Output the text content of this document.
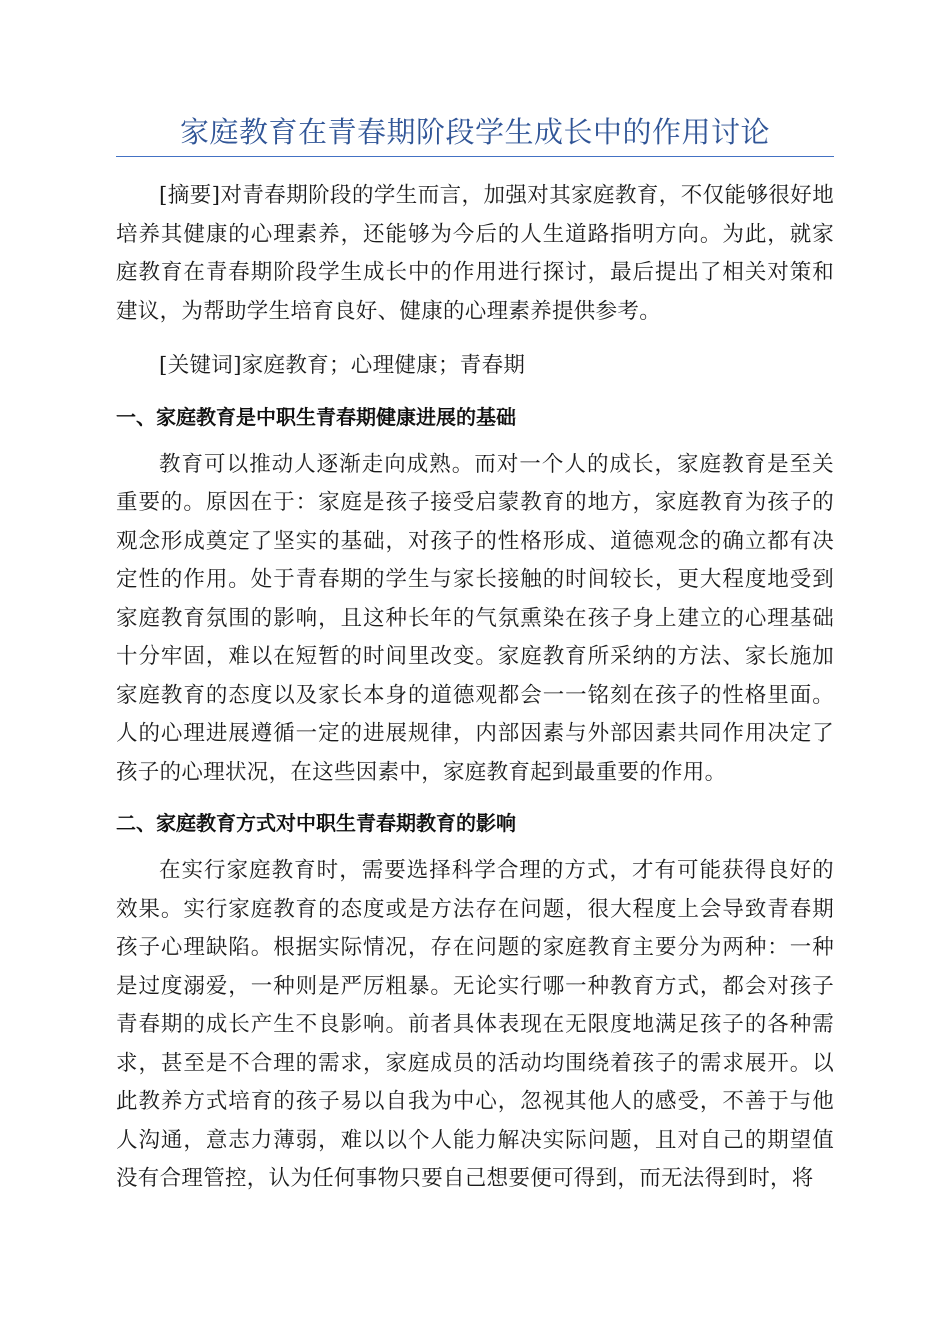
家庭教育在青春期阶段学生成长中的作用讨论

[摘要]对青春期阶段的学生而言，加强对其家庭教育，不仅能够很好地培养其健康的心理素养，还能够为今后的人生道路指明方向。为此，就家庭教育在青春期阶段学生成长中的作用进行探讨，最后提出了相关对策和建议，为帮助学生培育良好、健康的心理素养提供参考。

[关键词]家庭教育；心理健康；青春期

一、家庭教育是中职生青春期健康进展的基础

教育可以推动人逐渐走向成熟。而对一个人的成长，家庭教育是至关重要的。原因在于：家庭是孩子接受启蒙教育的地方，家庭教育为孩子的观念形成奠定了坚实的基础，对孩子的性格形成、道德观念的确立都有决定性的作用。处于青春期的学生与家长接触的时间较长，更大程度地受到家庭教育氛围的影响，且这种长年的气氛熏染在孩子身上建立的心理基础十分牢固，难以在短暂的时间里改变。家庭教育所采纳的方法、家长施加家庭教育的态度以及家长本身的道德观都会一一铭刻在孩子的性格里面。人的心理进展遵循一定的进展规律，内部因素与外部因素共同作用决定了孩子的心理状况，在这些因素中，家庭教育起到最重要的作用。

二、家庭教育方式对中职生青春期教育的影响

在实行家庭教育时，需要选择科学合理的方式，才有可能获得良好的效果。实行家庭教育的态度或是方法存在问题，很大程度上会导致青春期孩子心理缺陷。根据实际情况，存在问题的家庭教育主要分为两种：一种是过度溺爱，一种则是严厉粗暴。无论实行哪一种教育方式，都会对孩子青春期的成长产生不良影响。前者具体表现在无限度地满足孩子的各种需求，甚至是不合理的需求，家庭成员的活动均围绕着孩子的需求展开。以此教养方式培育的孩子易以自我为中心，忽视其他人的感受，不善于与他人沟通，意志力薄弱，难以以个人能力解决实际问题，且对自己的期望值没有合理管控，认为任何事物只要自己想要便可得到，而无法得到时，将
